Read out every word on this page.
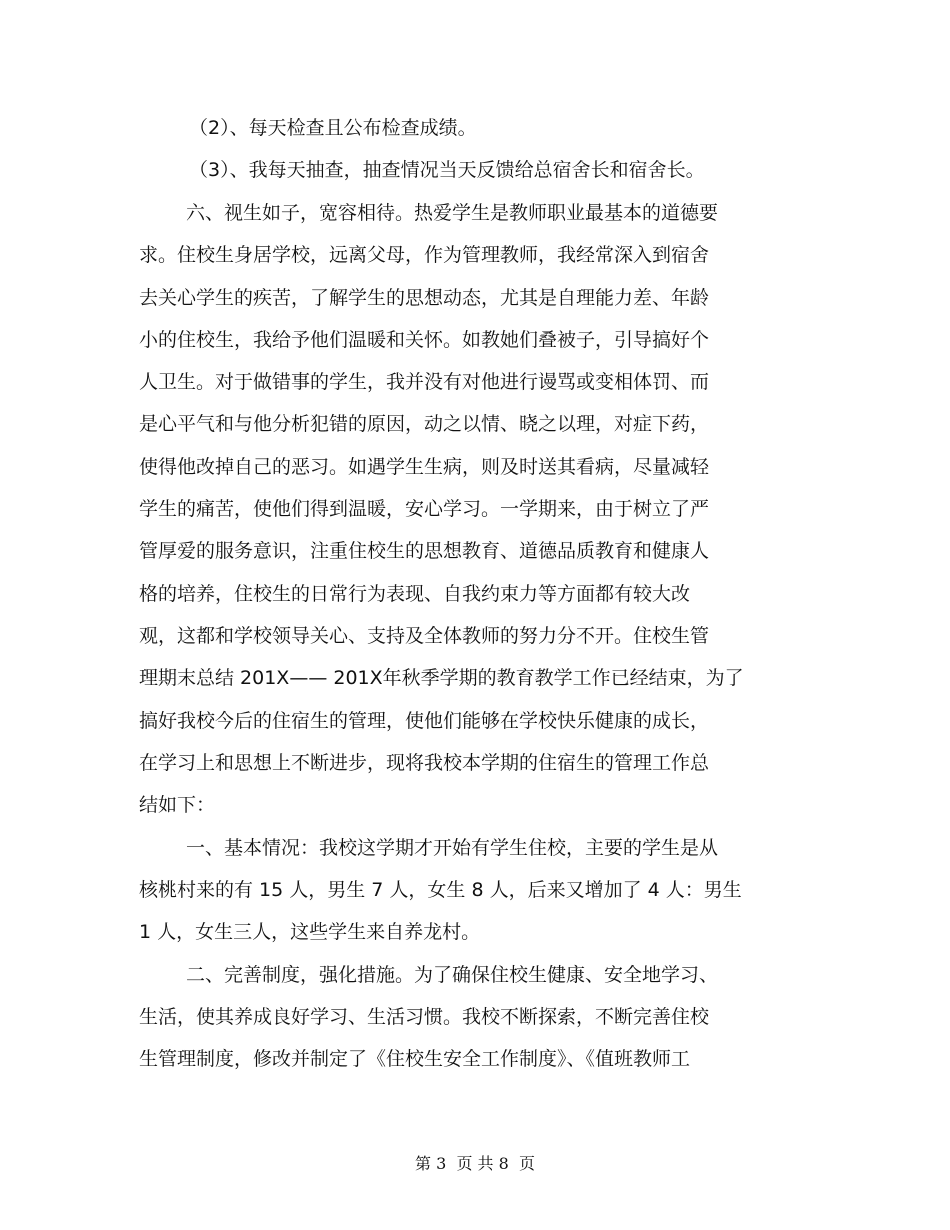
（2）、每天检查且公布检查成绩。
（3）、我每天抽查，抽查情况当天反馈给总宿舍长和宿舍长。
六、视生如子，宽容相待。热爱学生是教师职业最基本的道德要
求。住校生身居学校，远离父母，作为管理教师，我经常深入到宿舍
去关心学生的疾苦，了解学生的思想动态，尤其是自理能力差、年龄
小的住校生，我给予他们温暖和关怀。如教她们叠被子，引导搞好个
人卫生。对于做错事的学生，我并没有对他进行谩骂或变相体罚、而
是心平气和与他分析犯错的原因，动之以情、晓之以理，对症下药，
使得他改掉自己的恶习。如遇学生生病，则及时送其看病，尽量减轻
学生的痛苦，使他们得到温暖，安心学习。一学期来，由于树立了严
管厚爱的服务意识，注重住校生的思想教育、道德品质教育和健康人
格的培养，住校生的日常行为表现、自我约束力等方面都有较大改
观，这都和学校领导关心、支持及全体教师的努力分不开。住校生管
理期末总结 201X—— 201X年秋季学期的教育教学工作已经结束，为了
搞好我校今后的住宿生的管理，使他们能够在学校快乐健康的成长，
在学习上和思想上不断进步，现将我校本学期的住宿生的管理工作总
结如下：
一、基本情况：我校这学期才开始有学生住校，主要的学生是从
核桃村来的有 15 人，男生 7 人，女生 8 人，后来又增加了 4 人：男生
1 人，女生三人，这些学生来自养龙村。
二、完善制度，强化措施。为了确保住校生健康、安全地学习、
生活，使其养成良好学习、生活习惯。我校不断探索，不断完善住校
生管理制度，修改并制定了《住校生安全工作制度》、《值班教师工
第 3  页 共 8  页
